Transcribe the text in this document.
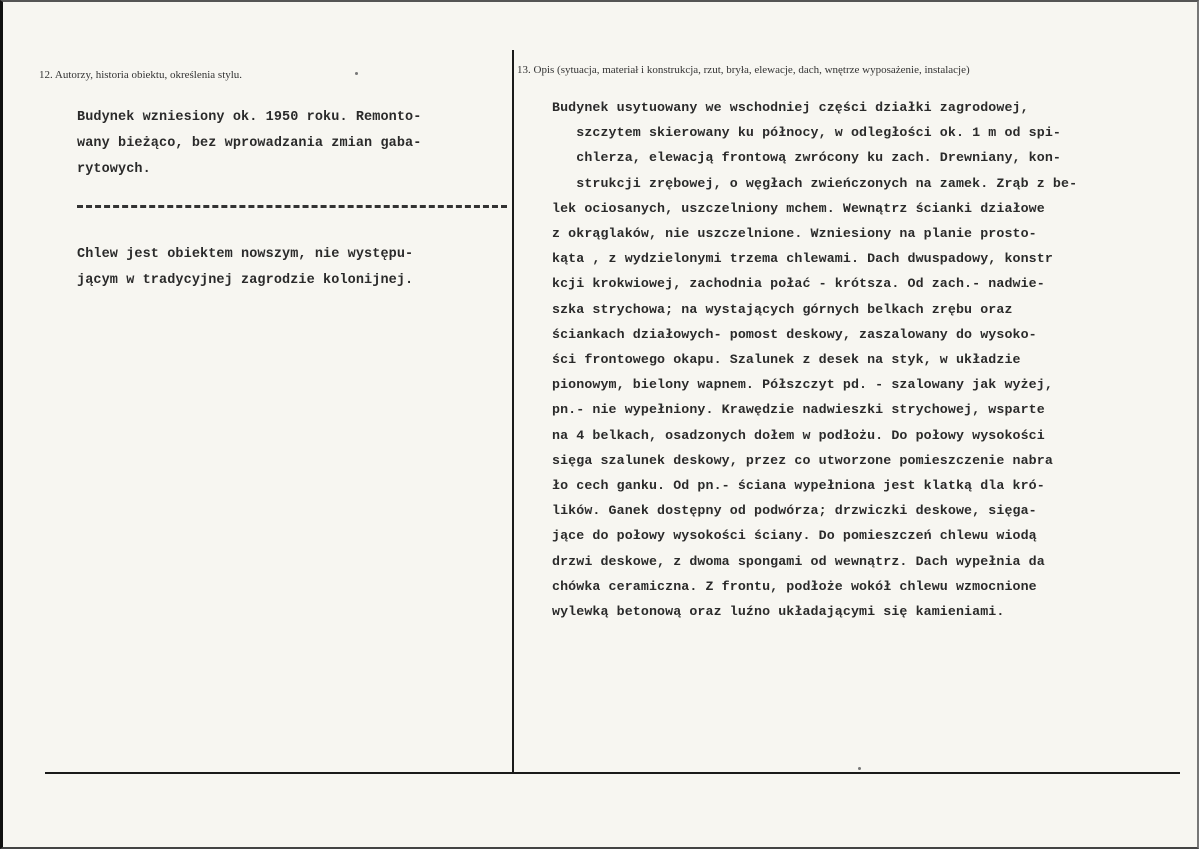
12. Autorzy, historia obiektu, określenia stylu.	13. Opis (sytuacja, materiał i konstrukcja, rzut, bryła, elewacje, dach, wnętrze wyposażenie, instalacje)

Budynek wzniesiony ok. 1950 roku. Remonto-
wany bieżąco, bez wprowadzania zmian gaba-
rytowych.

Chlew jest obiektem nowszym, nie występu-
jącym w tradycyjnej zagrodzie kolonijnej.

Budynek usytuowany we wschodniej części działki zagrodowej,
szczytem skierowany ku północy, w odległości ok. 1 m od spi-
chlerza, elewacją frontową zwrócony ku zach. Drewniany, kon-
strukcji zrębowej, o węgłach zwieńczonych na zamek. Zrąb z be-
lek ociosanych, uszczelniony mchem. Wewnątrz ścianki działowe
z okrąglaków, nie uszczelnione. Wzniesiony na planie prosto-
kąta , z wydzielonymi trzema chlewami. Dach dwuspadowy, konstr
kcji krokwiowej, zachodnia połać - krótsza. Od zach.- nadwie-
szka strychowa; na wystających górnych belkach zrębu oraz
ściankach działowych- pomost deskowy, zaszalowany do wysoko-
ści frontowego okapu. Szalunek z desek na styk, w układzie
pionowym, bielony wapnem. Półszczyt pd. - szalowany jak wyżej,
pn.- nie wypełniony. Krawędzie nadwieszki strychowej, wsparte
na 4 belkach, osadzonych dołem w podłożu. Do połowy wysokości
sięga szalunek deskowy, przez co utworzone pomieszczenie nabra
ło cech ganku. Od pn.- ściana wypełniona jest klatką dla kró-
lików. Ganek dostępny od podwórza; drzwiczki deskowe, sięga-
jące do połowy wysokości ściany. Do pomieszczeń chlewu wiodą
drzwi deskowe, z dwoma spongami od wewnątrz. Dach wypełnia da
chówka ceramiczna. Z frontu, podłoże wokół chlewu wzmocnione
wylewką betonową oraz luźno układającymi się kamieniami.
